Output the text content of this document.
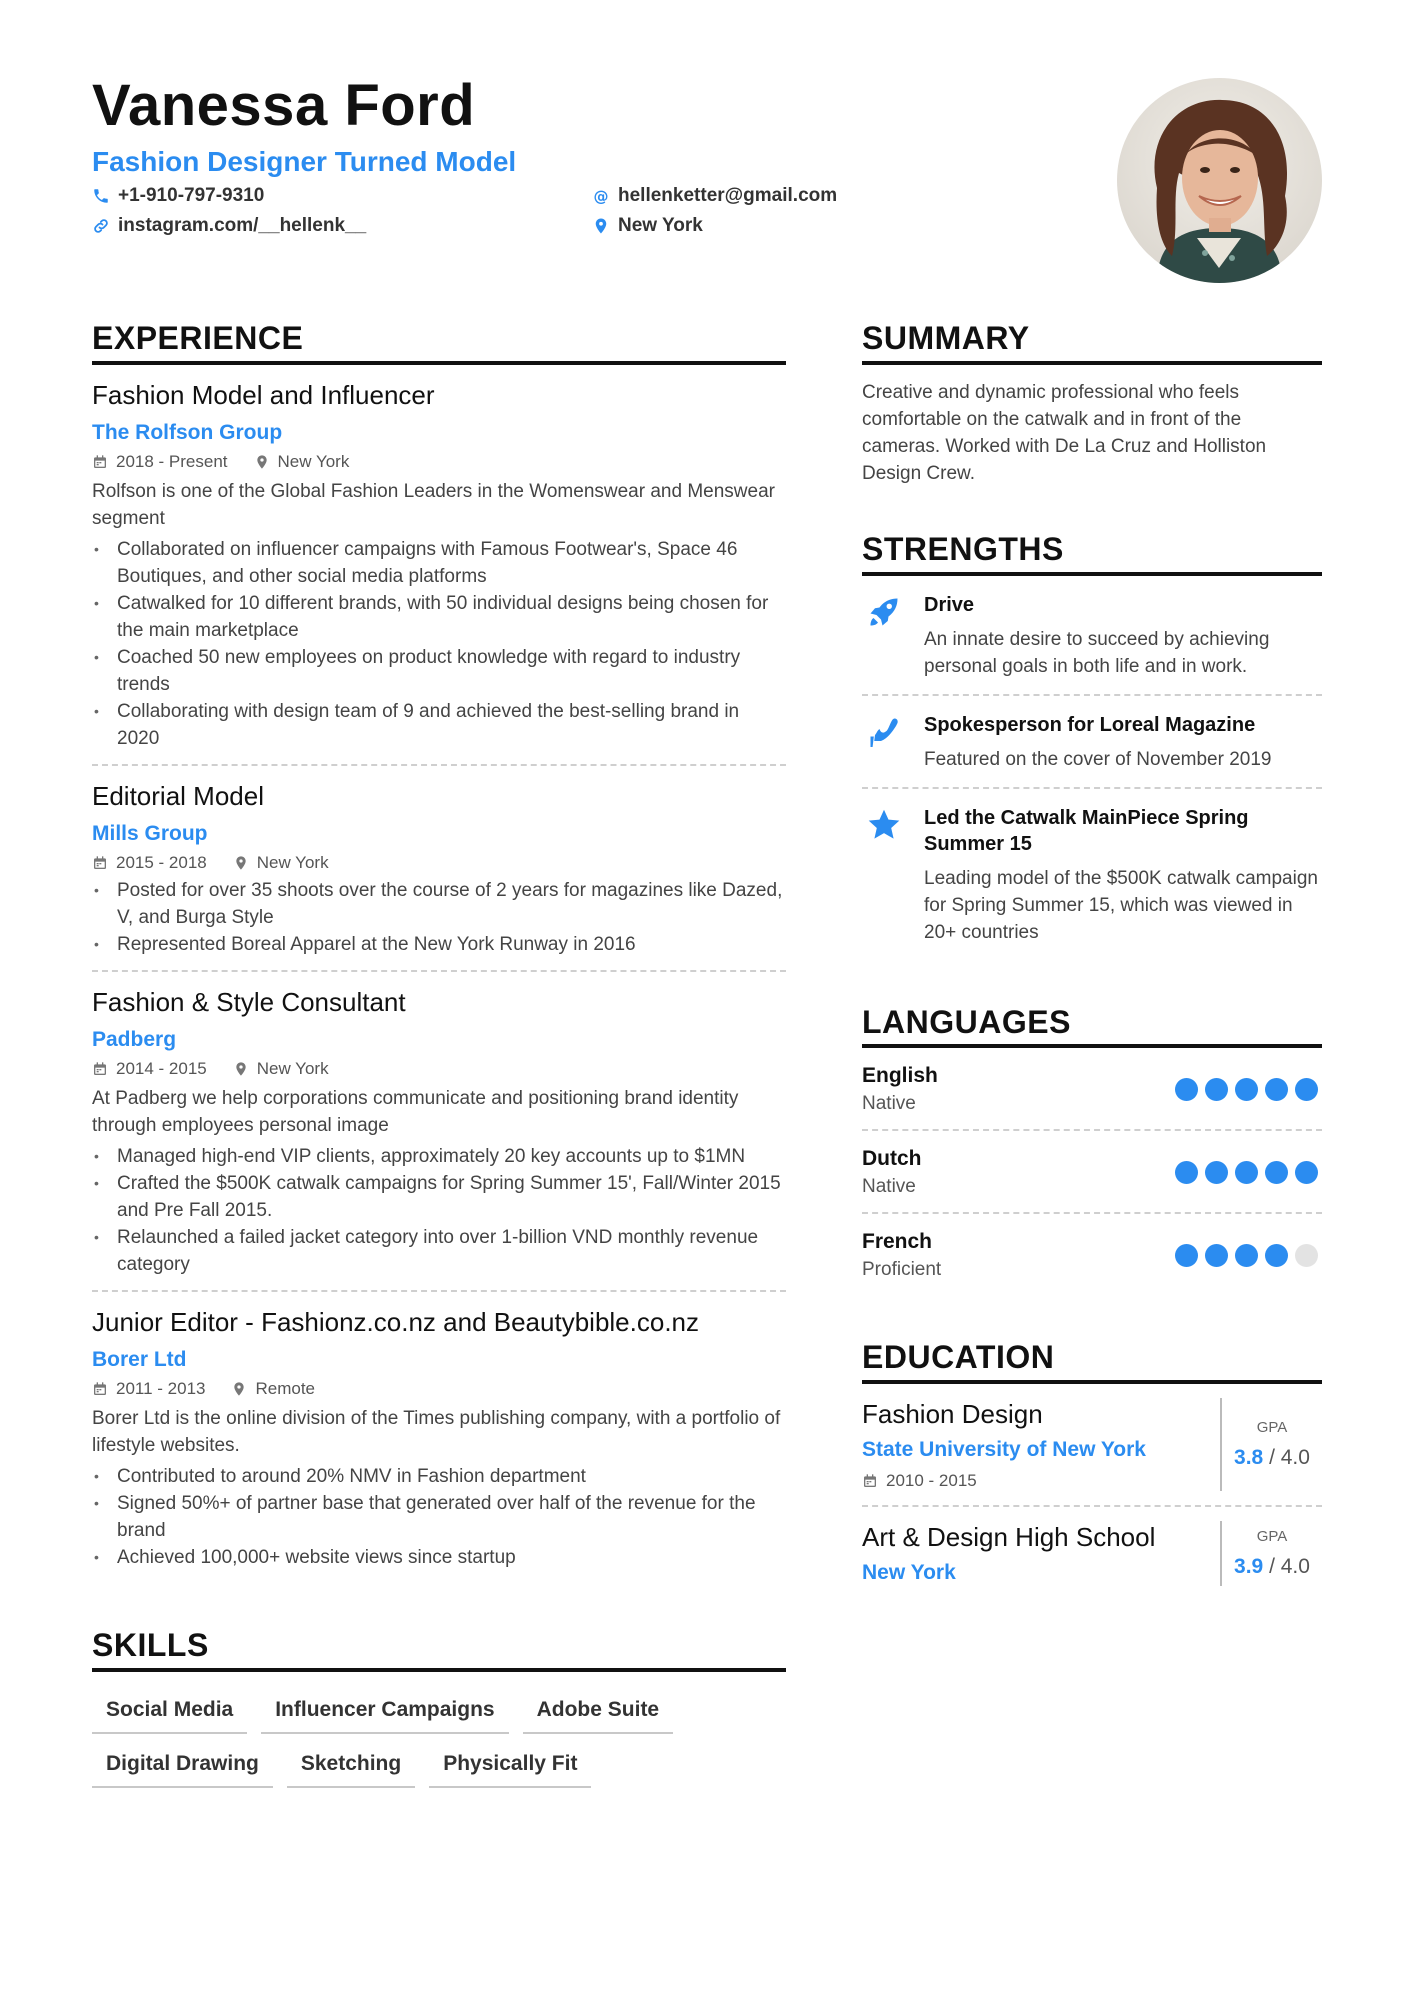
Vanessa Ford
Fashion Designer Turned Model
+1-910-797-9310
instagram.com/__hellenk__
@ hellenketter@gmail.com
New York
EXPERIENCE
Fashion Model and Influencer
The Rolfson Group
2018 - Present	New York
Rolfson is one of the Global Fashion Leaders in the Womenswear and Menswear segment
• Collaborated on influencer campaigns with Famous Footwear's, Space 46 Boutiques, and other social media platforms
• Catwalked for 10 different brands, with 50 individual designs being chosen for the main marketplace
• Coached 50 new employees on product knowledge with regard to industry trends
• Collaborating with design team of 9 and achieved the best-selling brand in 2020
Editorial Model
Mills Group
2015 - 2018	New York
• Posted for over 35 shoots over the course of 2 years for magazines like Dazed, V, and Burga Style
• Represented Boreal Apparel at the New York Runway in 2016
Fashion & Style Consultant
Padberg
2014 - 2015	New York
At Padberg we help corporations communicate and positioning brand identity through employees personal image
• Managed high-end VIP clients, approximately 20 key accounts up to $1MN
• Crafted the $500K catwalk campaigns for Spring Summer 15', Fall/Winter 2015 and Pre Fall 2015.
• Relaunched a failed jacket category into over 1-billion VND monthly revenue category
Junior Editor - Fashionz.co.nz and Beautybible.co.nz
Borer Ltd
2011 - 2013	Remote
Borer Ltd is the online division of the Times publishing company, with a portfolio of lifestyle websites.
• Contributed to around 20% NMV in Fashion department
• Signed 50%+ of partner base that generated over half of the revenue for the brand
• Achieved 100,000+ website views since startup
SKILLS
Social Media	Influencer Campaigns	Adobe Suite
Digital Drawing	Sketching	Physically Fit
SUMMARY
Creative and dynamic professional who feels comfortable on the catwalk and in front of the cameras. Worked with De La Cruz and Holliston Design Crew.
STRENGTHS
Drive
An innate desire to succeed by achieving personal goals in both life and in work.
Spokesperson for Loreal Magazine
Featured on the cover of November 2019
Led the Catwalk MainPiece Spring Summer 15
Leading model of the $500K catwalk campaign for Spring Summer 15, which was viewed in 20+ countries
LANGUAGES
English
Native
Dutch
Native
French
Proficient
EDUCATION
Fashion Design
State University of New York
2010 - 2015
GPA
3.8 / 4.0
Art & Design High School
New York
GPA
3.9 / 4.0
